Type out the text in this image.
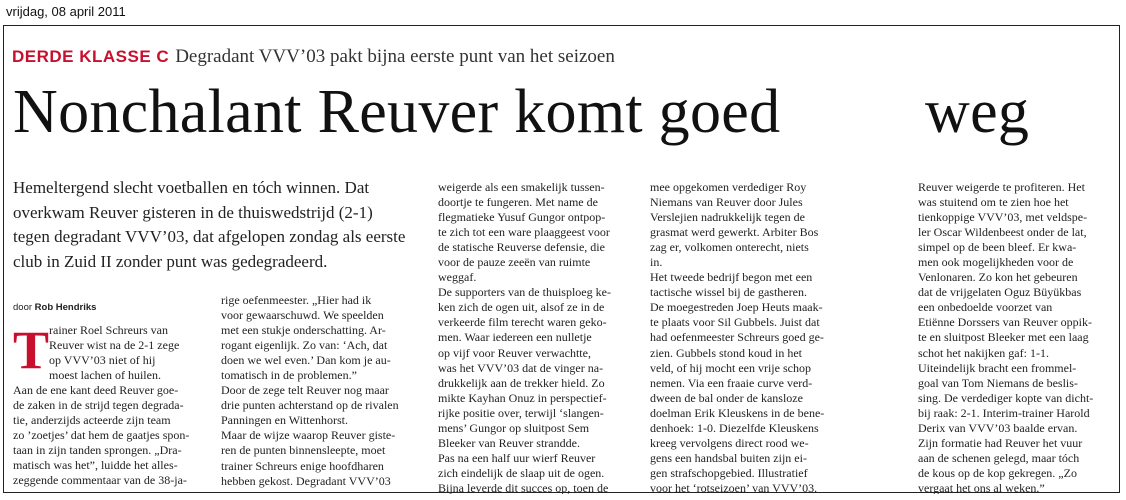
vrijdag, 08 april 2011
DERDE KLASSE C Degradant VVV’03 pakt bijna eerste punt van het seizoen
Nonchalant Reuver komt goed weg
Hemeltergend slecht voetballen en tóch winnen. Dat overkwam Reuver gisteren in de thuiswedstrijd (2-1) tegen degradant VVV’03, dat afgelopen zondag als eerste club in Zuid II zonder punt was gedegradeerd.
door Rob Hendriks
T rainer Roel Schreurs van
Reuver wist na de 2-1 zege
op VVV’03 niet of hij
moest lachen of huilen.
Aan de ene kant deed Reuver goe-
de zaken in de strijd tegen degrada-
tie, anderzijds acteerde zijn team
zo ’zoetjes’ dat hem de gaatjes spon-
taan in zijn tanden sprongen. „Dra-
matisch was het”, luidde het alles-
zeggende commentaar van de 38-ja-
rige oefenmeester. „Hier had ik
voor gewaarschuwd. We speelden
met een stukje onderschatting. Ar-
rogant eigenlijk. Zo van: ‘Ach, dat
doen we wel even.’ Dan kom je au-
tomatisch in de problemen.”
Door de zege telt Reuver nog maar
drie punten achterstand op de rivalen
Panningen en Wittenhorst.
Maar de wijze waarop Reuver giste-
ren de punten binnensleepte, moet
trainer Schreurs enige hoofdharen
hebben gekost. Degradant VVV’03
weigerde als een smakelijk tussen-
doortje te fungeren. Met name de
flegmatieke Yusuf Gungor ontpop-
te zich tot een ware plaaggeest voor
de statische Reuverse defensie, die
voor de pauze zeeën van ruimte
weggaf.
De supporters van de thuisploeg ke-
ken zich de ogen uit, alsof ze in de
verkeerde film terecht waren geko-
men. Waar iedereen een nulletje
op vijf voor Reuver verwachtte,
was het VVV’03 dat de vinger na-
drukkelijk aan de trekker hield. Zo
mikte Kayhan Onuz in perspectief-
rijke positie over, terwijl ‘slangen-
mens’ Gungor op sluitpost Sem
Bleeker van Reuver strandde.
Pas na een half uur wierf Reuver
zich eindelijk de slaap uit de ogen.
Bijna leverde dit succes op, toen de
mee opgekomen verdediger Roy
Niemans van Reuver door Jules
Verslejien nadrukkelijk tegen de
grasmat werd gewerkt. Arbiter Bos
zag er, volkomen onterecht, niets
in.
Het tweede bedrijf begon met een
tactische wissel bij de gastheren.
De moegestreden Joep Heuts maak-
te plaats voor Sil Gubbels. Juist dat
had oefenmeester Schreurs goed ge-
zien. Gubbels stond koud in het
veld, of hij mocht een vrije schop
nemen. Via een fraaie curve verd-
dween de bal onder de kansloze
doelman Erik Kleuskens in de bene-
denhoek: 1-0. Diezelfde Kleuskens
kreeg vervolgens direct rood we-
gens een handsbal buiten zijn ei-
gen strafschopgebied. Illustratief
voor het ‘rotseizoen’ van VVV’03.
Reuver weigerde te profiteren. Het
was stuitend om te zien hoe het
tienkoppige VVV’03, met veldspe-
ler Oscar Wildenbeest onder de lat,
simpel op de been bleef. Er kwa-
men ook mogelijkheden voor de
Venlonaren. Zo kon het gebeuren
dat de vrijgelaten Oguz Büyükbas
een onbedoelde voorzet van
Etiënne Dorssers van Reuver oppik-
te en sluitpost Bleeker met een laag
schot het nakijken gaf: 1-1.
Uiteindelijk bracht een frommel-
goal van Tom Niemans de beslis-
sing. De verdediger kopte van dicht-
bij raak: 2-1. Interim-trainer Harold
Derix van VVV’03 baalde ervan.
Zijn formatie had Reuver het vuur
aan de schenen gelegd, maar tóch
de kous op de kop gekregen. „Zo
vergaat het ons al weken.”
